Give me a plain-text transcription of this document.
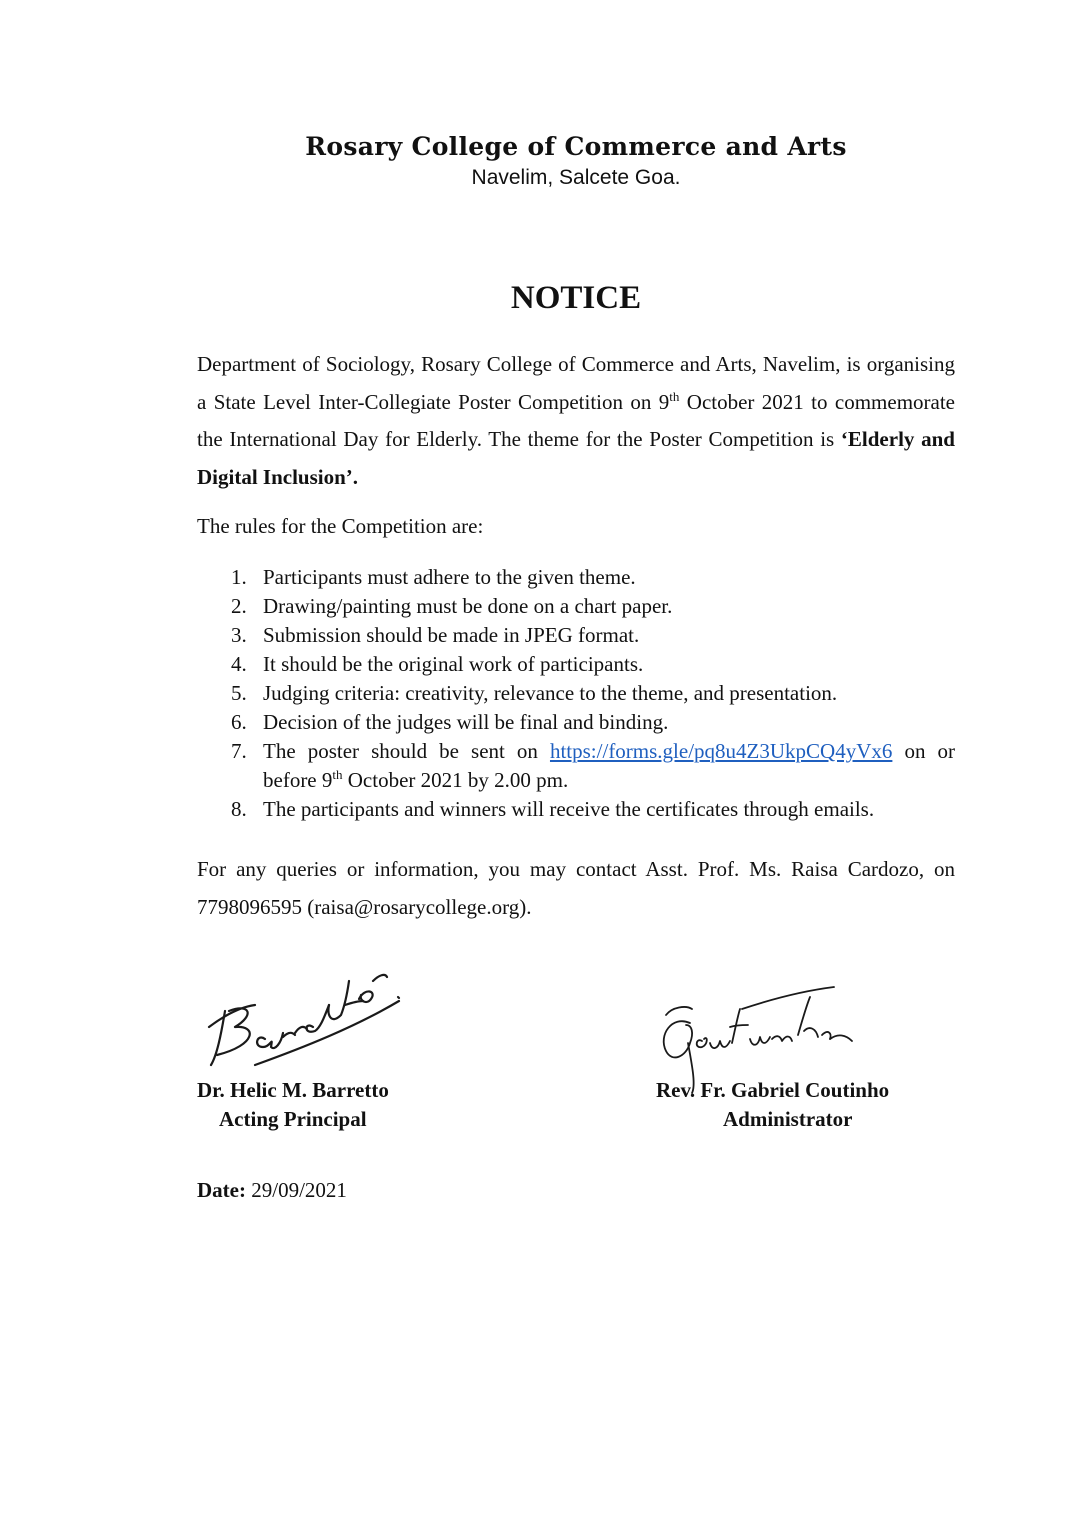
Rosary College of Commerce and Arts
Navelim, Salcete Goa.
NOTICE
Department of Sociology, Rosary College of Commerce and Arts, Navelim, is organising a State Level Inter-Collegiate Poster Competition on 9th October 2021 to commemorate the International Day for Elderly. The theme for the Poster Competition is ‘Elderly and Digital Inclusion’.
The rules for the Competition are:
1. Participants must adhere to the given theme.
2. Drawing/painting must be done on a chart paper.
3. Submission should be made in JPEG format.
4. It should be the original work of participants.
5. Judging criteria: creativity, relevance to the theme, and presentation.
6. Decision of the judges will be final and binding.
7. The poster should be sent on https://forms.gle/pq8u4Z3UkpCQ4yVx6 on or before 9th October 2021 by 2.00 pm.
8. The participants and winners will receive the certificates through emails.
For any queries or information, you may contact Asst. Prof. Ms. Raisa Cardozo, on 7798096595 (raisa@rosarycollege.org).
Dr. Helic M. Barretto
Acting Principal
Rev. Fr. Gabriel Coutinho
Administrator
Date: 29/09/2021
